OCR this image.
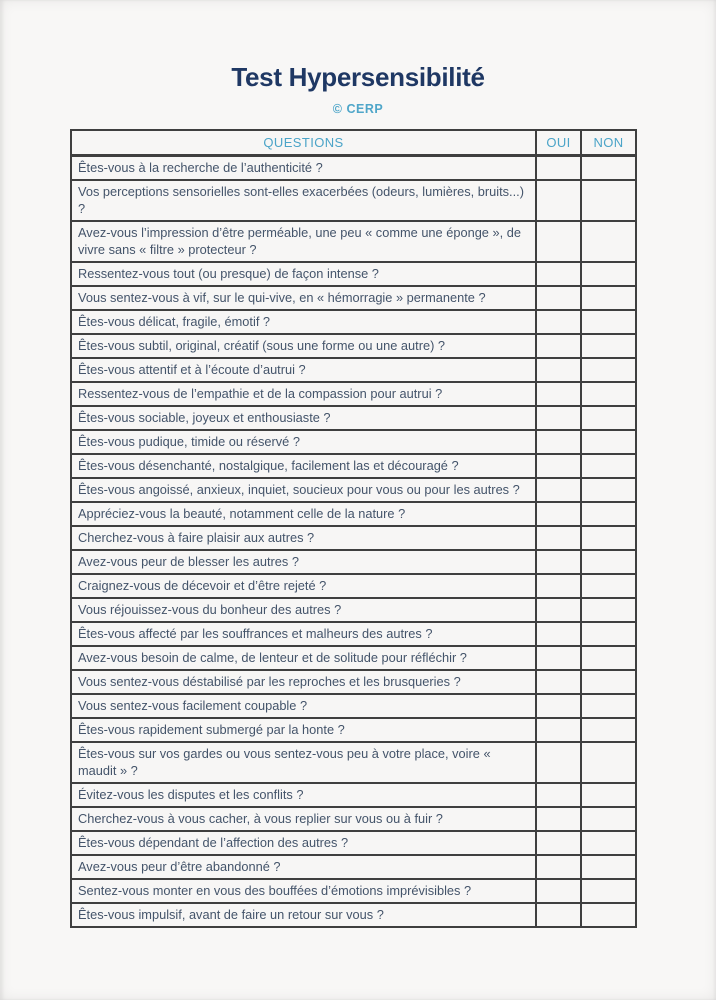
Test Hypersensibilité
© CERP
QUESTIONS	OUI	NON
Êtes-vous à la recherche de l’authenticité ?		
Vos perceptions sensorielles sont-elles exacerbées (odeurs, lumières, bruits...) ?		
Avez-vous l’impression d’être perméable, une peu « comme une éponge », de vivre sans « filtre » protecteur ?		
Ressentez-vous tout (ou presque) de façon intense ?		
Vous sentez-vous à vif, sur le qui-vive, en « hémorragie » permanente ?		
Êtes-vous délicat, fragile, émotif ?		
Êtes-vous subtil, original, créatif (sous une forme ou une autre) ?		
Êtes-vous attentif et à l’écoute d’autrui ?		
Ressentez-vous de l’empathie et de la compassion pour autrui ?		
Êtes-vous sociable, joyeux et enthousiaste ?		
Êtes-vous pudique, timide ou réservé ?		
Êtes-vous désenchanté, nostalgique, facilement las et découragé ?		
Êtes-vous angoissé, anxieux, inquiet, soucieux pour vous ou pour les autres ?		
Appréciez-vous la beauté, notamment celle de la nature ?		
Cherchez-vous à faire plaisir aux autres ?		
Avez-vous peur de blesser les autres ?		
Craignez-vous de décevoir et d’être rejeté ?		
Vous réjouissez-vous du bonheur des autres ?		
Êtes-vous affecté par les souffrances et malheurs des autres ?		
Avez-vous besoin de calme, de lenteur et de solitude pour réfléchir ?		
Vous sentez-vous déstabilisé par les reproches et les brusqueries ?		
Vous sentez-vous facilement coupable ?		
Êtes-vous rapidement submergé par la honte ?		
Êtes-vous sur vos gardes ou vous sentez-vous peu à votre place, voire « maudit » ?		
Évitez-vous les disputes et les conflits ?		
Cherchez-vous à vous cacher, à vous replier sur vous ou à fuir ?		
Êtes-vous dépendant de l’affection des autres ?		
Avez-vous peur d’être abandonné ?		
Sentez-vous monter en vous des bouffées d’émotions imprévisibles ?		
Êtes-vous impulsif, avant de faire un retour sur vous ?		
